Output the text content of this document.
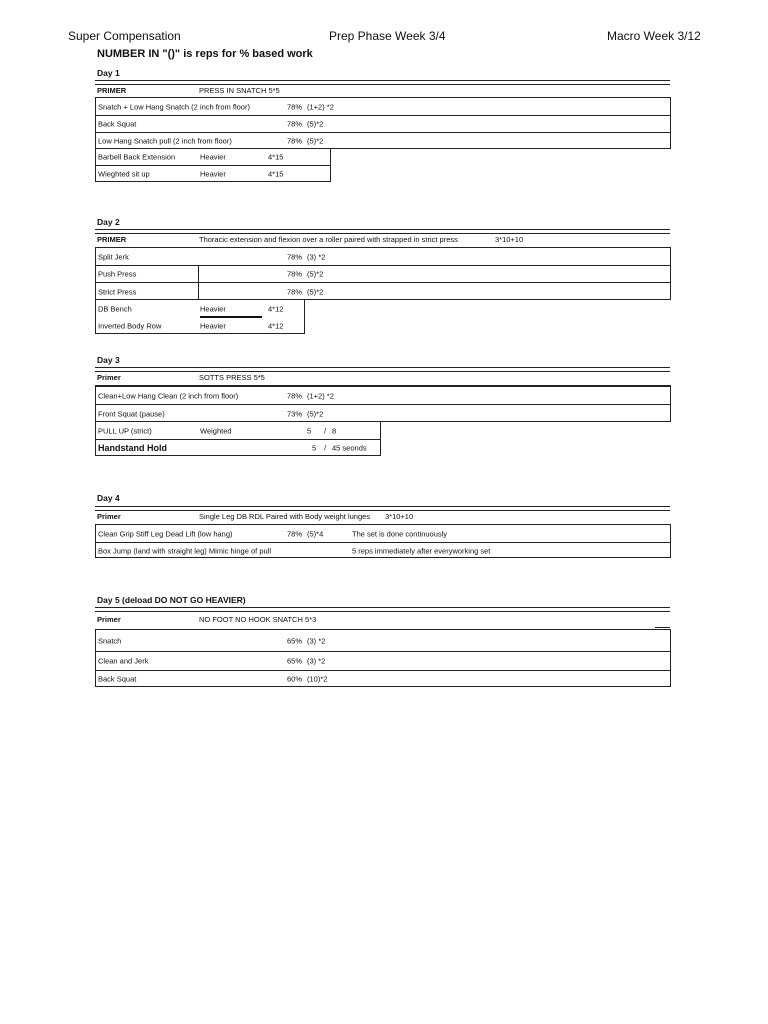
Super Compensation	Prep Phase Week 3/4	Macro Week 3/12
NUMBER IN "()" is reps for % based work
Day 1
PRIMER	PRESS IN SNATCH 5*5
Snatch + Low Hang Snatch (2 inch from floor)	78% (1+2) *2
Back Squat	78% (5)*2
Low Hang Snatch pull (2 inch from floor)	78% (5)*2
Barbell Back Extension	Heavier	4*15
Wieghted sit up	Heavier	4*15
Day 2
PRIMER	Thoracic extension and flexion over a roller paired with strapped in strict press	3*10+10
Split Jerk	78% (3) *2
Push Press	78% (5)*2
Strict Press	78% (5)*2
DB Bench	Heavier	4*12
Inverted Body Row	Heavier	4*12
Day 3
Primer	SOTTS PRESS 5*5
Clean+Low Hang Clean (2 inch from floor)	78% (1+2) *2
Front Squat (pause)	73% (5)*2
PULL UP (strict)	Weighted	5 / 8
Handstand Hold	5 / 45 seonds
Day 4
Primer	Single Leg DB RDL Paired with Body weight lunges 3*10+10
Clean Grip Stiff Leg Dead Lift (low hang)	78% (5)*4	The set is done continuously
Box Jump (land with straight leg) Mimic hinge of pull	5 reps immediately after everyworking set
Day 5 (deload DO NOT GO HEAVIER)
Primer	NO FOOT NO HOOK SNATCH 5*3
Snatch	65% (3) *2
Clean and Jerk	65% (3) *2
Back Squat	60% (10)*2
